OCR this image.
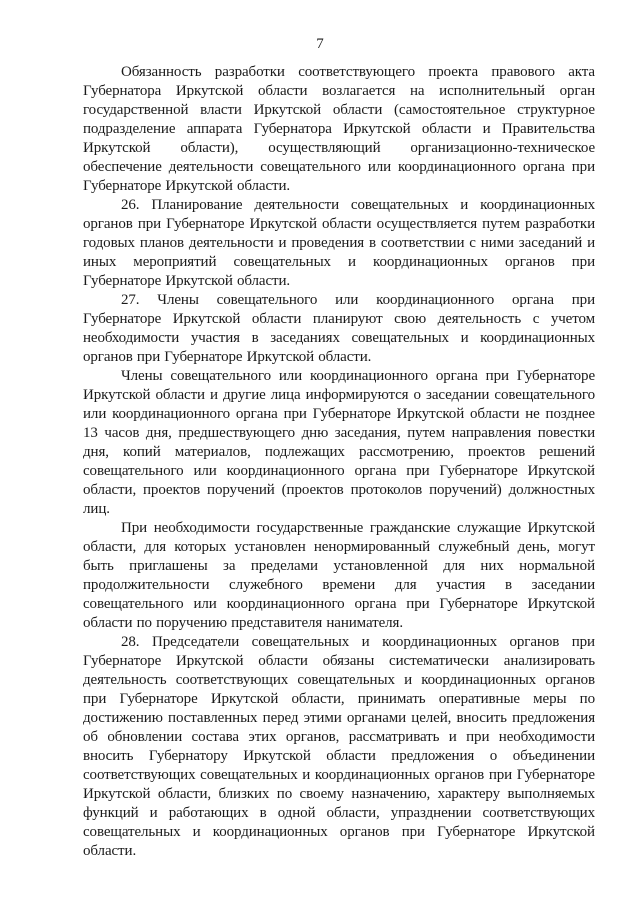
7

Обязанность разработки соответствующего проекта правового акта Губернатора Иркутской области возлагается на исполнительный орган государственной власти Иркутской области (самостоятельное структурное подразделение аппарата Губернатора Иркутской области и Правительства Иркутской области), осуществляющий организационно-техническое обеспечение деятельности совещательного или координационного органа при Губернаторе Иркутской области.

26. Планирование деятельности совещательных и координационных органов при Губернаторе Иркутской области осуществляется путем разработки годовых планов деятельности и проведения в соответствии с ними заседаний и иных мероприятий совещательных и координационных органов при Губернаторе Иркутской области.

27. Члены совещательного или координационного органа при Губернаторе Иркутской области планируют свою деятельность с учетом необходимости участия в заседаниях совещательных и координационных органов при Губернаторе Иркутской области.

Члены совещательного или координационного органа при Губернаторе Иркутской области и другие лица информируются о заседании совещательного или координационного органа при Губернаторе Иркутской области не позднее 13 часов дня, предшествующего дню заседания, путем направления повестки дня, копий материалов, подлежащих рассмотрению, проектов решений совещательного или координационного органа при Губернаторе Иркутской области, проектов поручений (проектов протоколов поручений) должностных лиц.

При необходимости государственные гражданские служащие Иркутской области, для которых установлен ненормированный служебный день, могут быть приглашены за пределами установленной для них нормальной продолжительности служебного времени для участия в заседании совещательного или координационного органа при Губернаторе Иркутской области по поручению представителя нанимателя.

28. Председатели совещательных и координационных органов при Губернаторе Иркутской области обязаны систематически анализировать деятельность соответствующих совещательных и координационных органов при Губернаторе Иркутской области, принимать оперативные меры по достижению поставленных перед этими органами целей, вносить предложения об обновлении состава этих органов, рассматривать и при необходимости вносить Губернатору Иркутской области предложения о объединении соответствующих совещательных и координационных органов при Губернаторе Иркутской области, близких по своему назначению, характеру выполняемых функций и работающих в одной области, упразднении соответствующих совещательных и координационных органов при Губернаторе Иркутской области.
